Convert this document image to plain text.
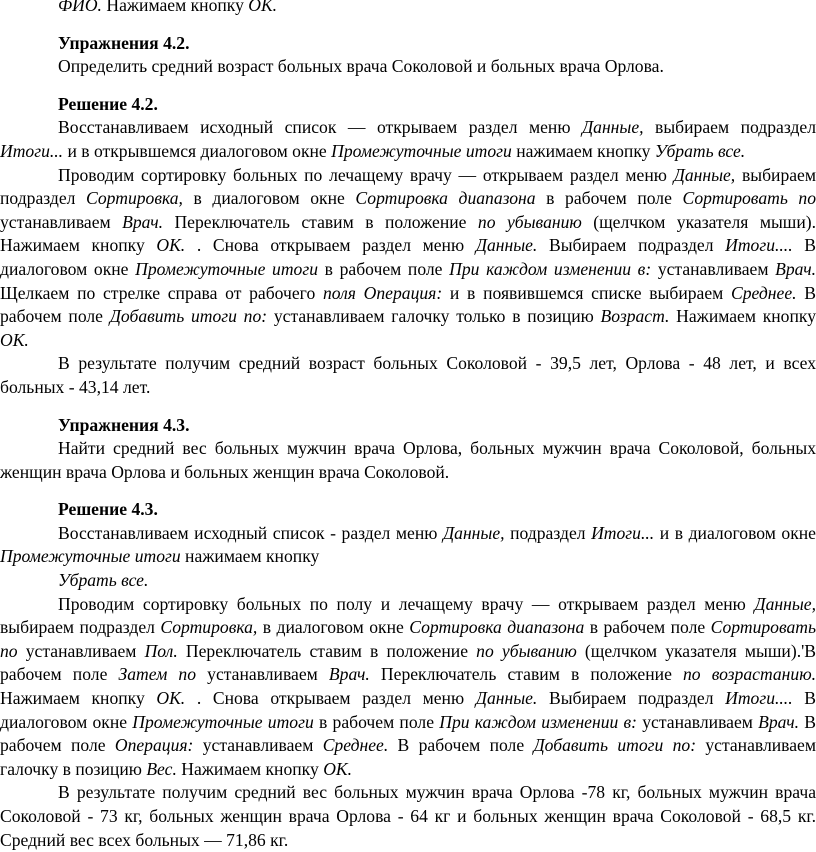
ФИО. Нажимаем кнопку ОК.

Упражнения 4.2.

Определить средний возраст больных врача Соколовой и больных врача Орлова.

Решение 4.2.

Восстанавливаем исходный список — открываем раздел меню Данные, выбираем подраздел Итоги... и в открывшемся диалоговом окне Промежуточные итоги нажимаем кнопку Убрать все.

Проводим сортировку больных по лечащему врачу — открываем раздел меню Данные, выбираем подраздел Сортировка, в диалоговом окне Сортировка диапазона в рабочем поле Сортировать по устанавливаем Врач. Переключатель ставим в положение по убыванию (щелчком указателя мыши). Нажимаем кнопку ОК. . Снова открываем раздел меню Данные. Выбираем подраздел Итоги.... В диалоговом окне Промежуточные итоги в рабочем поле При каждом изменении в: устанавливаем Врач. Щелкаем по стрелке справа от рабочего поля Операция: и в появившемся списке выбираем Среднее. В рабочем поле Добавить итоги по: устанавливаем галочку только в позицию Возраст. Нажимаем кнопку ОК.

В результате получим средний возраст больных Соколовой - 39,5 лет, Орлова - 48 лет, и всех больных - 43,14 лет.

Упражнения 4.3.

Найти средний вес больных мужчин врача Орлова, больных мужчин врача Соколовой, больных женщин врача Орлова и больных женщин врача Соколовой.

Решение 4.3.

Восстанавливаем исходный список - раздел меню Данные, подраздел Итоги... и в диалоговом окне Промежуточные итоги нажимаем кнопку

Убрать все.

Проводим сортировку больных по полу и лечащему врачу — открываем раздел меню Данные, выбираем подраздел Сортировка, в диалоговом окне Сортировка диапазона в рабочем поле Сортировать по устанавливаем Пол. Переключатель ставим в положение по убыванию (щелчком указателя мыши).'В рабочем поле Затем по устанавливаем Врач. Переключатель ставим в положение по возрастанию. Нажимаем кнопку ОК. . Снова открываем раздел меню Данные. Выбираем подраздел Итоги.... В диалоговом окне Промежуточные итоги в рабочем поле При каждом изменении в: устанавливаем Врач. В рабочем поле Операция: устанавливаем Среднее. В рабочем поле Добавить итоги по: устанавливаем галочку в позицию Вес. Нажимаем кнопку ОК.

В результате получим средний вес больных мужчин врача Орлова -78 кг, больных мужчин врача Соколовой - 73 кг, больных женщин врача Орлова - 64 кг и больных женщин врача Соколовой - 68,5 кг. Средний вес всех больных — 71,86 кг.
